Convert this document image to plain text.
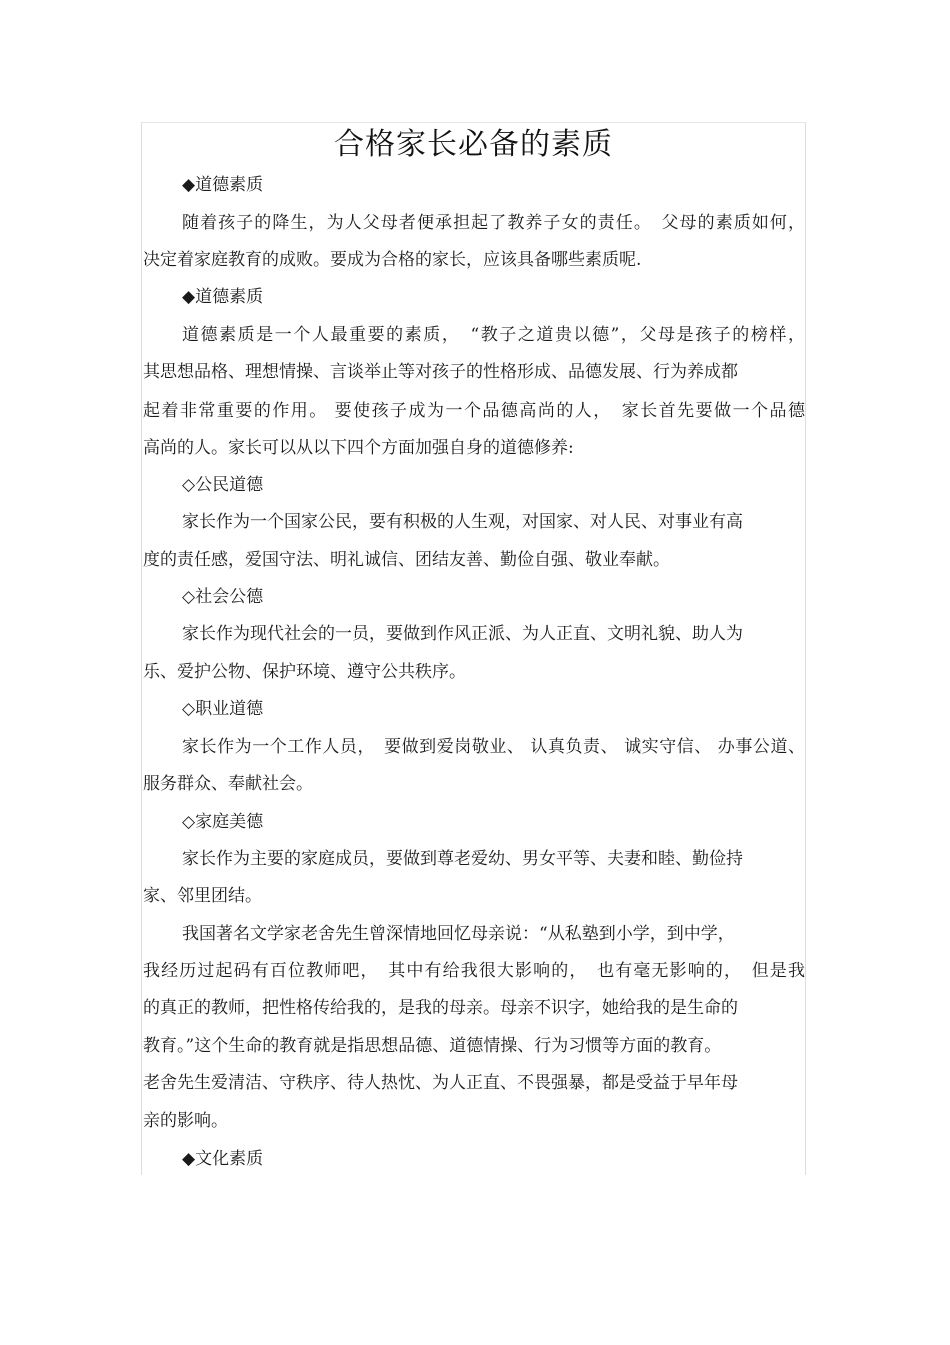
合格家长必备的素质
◆道德素质
随着孩子的降生，为人父母者便承担起了教养子女的责任。　父母的素质如何，
决定着家庭教育的成败。要成为合格的家长，应该具备哪些素质呢.
◆道德素质
道德素质是一个人最重要的素质，　“教子之道贵以德”，父母是孩子的榜样，
其思想品格、理想情操、言谈举止等对孩子的性格形成、品德发展、行为养成都
起着非常重要的作用。 要使孩子成为一个品德高尚的人，　家长首先要做一个品德
高尚的人。家长可以从以下四个方面加强自身的道德修养:
◇公民道德
家长作为一个国家公民，要有积极的人生观，对国家、对人民、对事业有高
度的责任感，爱国守法、明礼诚信、团结友善、勤俭自强、敬业奉献。
◇社会公德
家长作为现代社会的一员，要做到作风正派、为人正直、文明礼貌、助人为
乐、爱护公物、保护环境、遵守公共秩序。
◇职业道德
家长作为一个工作人员，　要做到爱岗敬业、 认真负责、 诚实守信、 办事公道、
服务群众、奉献社会。
◇家庭美德
家长作为主要的家庭成员，要做到尊老爱幼、男女平等、夫妻和睦、勤俭持
家、邻里团结。
我国著名文学家老舍先生曾深情地回忆母亲说：“从私塾到小学，到中学，
我经历过起码有百位教师吧，　其中有给我很大影响的，　也有毫无影响的，　但是我
的真正的教师，把性格传给我的，是我的母亲。母亲不识字，她给我的是生命的
教育。”这个生命的教育就是指思想品德、道德情操、行为习惯等方面的教育。
老舍先生爱清洁、守秩序、待人热忱、为人正直、不畏强暴，都是受益于早年母
亲的影响。
◆文化素质
